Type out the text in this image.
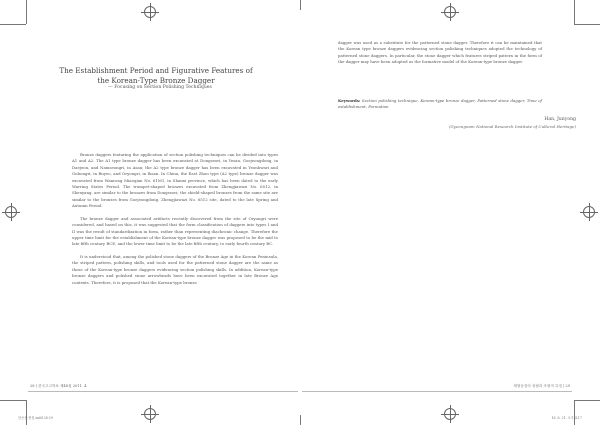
The Establishment Period and Figurative Features of
the Korean-Type Bronze Dagger
— Focusing on Section Polishing Techniques
Han, Junyong
(Gyeongnam National Research Institute of Cultural Heritage)

Bronze daggers featuring the application of section polishing techniques can be divided into types A1 and A2. The A1 type bronze dagger has been excavated at Dongseori, in Yesan, Goejeongdong, in Daejeon, and Namseongri, in Asan; the A2 type bronze dagger has been excavated in Yeonhwari and Gubongri, in Buyeo, and Oryongri, in Iksan. In China, the East Zhou type (A2 type) bronze dagger was excavated from Wanrong Miaoqian No. 61M1, in Shanxi province, which has been dated to the early Warring States Period. The trumpet-shaped bronzes excavated from Zhengjiawazi No. 6512, in Shenyang, are similar to the bronzes from Dongseori; the shield-shaped bronzes from the same site are similar to the bronzes from Goejeongdong. Zhengjiawazi No. 6512 site, dated to the late Spring and Autumn Period.

The bronze dagger and associated artifacts recently discovered from the site of Oryongri were considered, and based on this, it was suggested that the form classification of daggers into types I and II was the result of standardization in form, rather than representing diachronic change. Therefore the upper time limit for the establishment of the Korean-type bronze dagger was proposed to be the mid to late fifth century BCE, and the lower time limit to be the late fifth century, to early fourth century BC.

It is understood that, among the polished stone daggers of the Bronze Age in the Korean Peninsula, the striped pattern, polishing skills, and tools used for the patterned stone dagger are the same as those of the Korean-type bronze daggers evidencing section polishing skills. In addition, Korean-type bronze daggers and polished stone arrowheads have been excavated together in late Bronze Age contexts. Therefore, it is proposed that the Korean-type bronze

28 | 한국고고학보 제48집 2011. 4.
한준용-편집.indd 28-29
dagger was used as a substitute for the patterned stone dagger. Therefore it can be maintained that the Korean type bronze daggers evidencing section polishing techniques adopted the technology of patterned stone daggers. In particular, the stone dagger which features striped pattern in the form of the dagger may have been adopted as the formative model of the Korean-type bronze dagger.
Keywords: Section polishing technique, Korean-type bronze dagger, Patterned stone dagger, Time of establishment, Formation
세형동검의 성립과 조형적 특징 | 29
16. 6. 21. 오후 4:17
